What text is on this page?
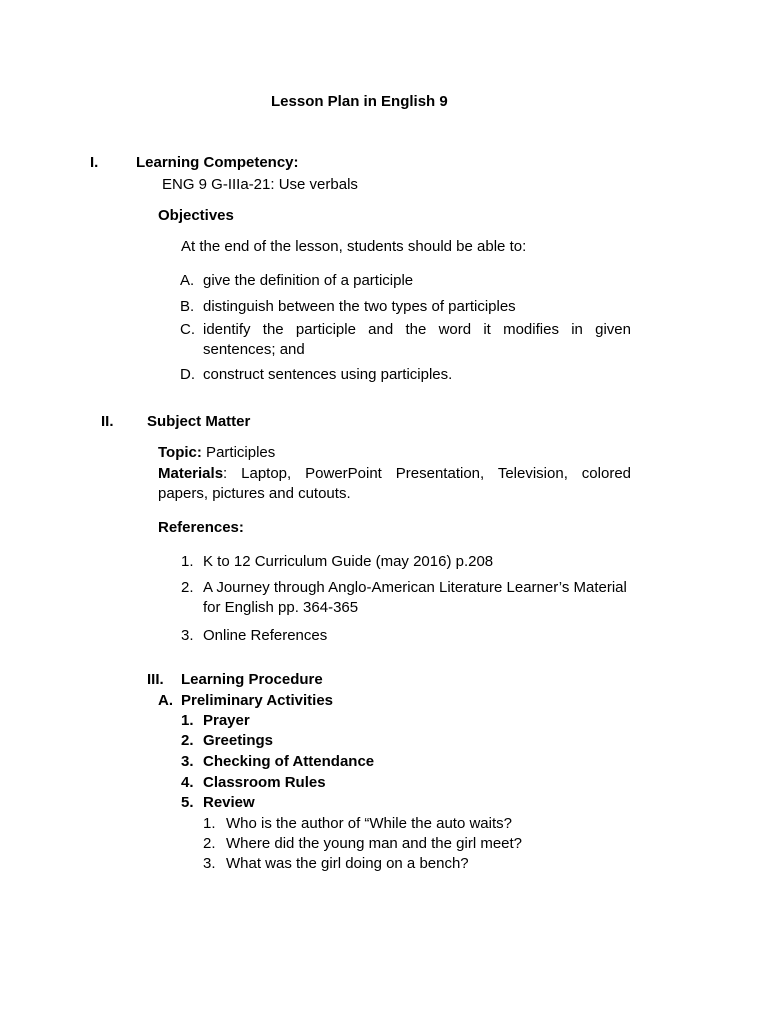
Lesson Plan in English 9
I.	Learning Competency:
ENG 9 G-IIIa-21: Use verbals
Objectives
At the end of the lesson, students should be able to:
A. give the definition of a participle
B. distinguish between the two types of participles
C. identify the participle and the word it modifies in given
sentences; and
D. construct sentences using participles.
II. Subject Matter
Topic: Participles
Materials : Laptop, PowerPoint Presentation, Television, colored
papers, pictures and cutouts.
References:
1. K to 12 Curriculum Guide (may 2016) p.208
2. A Journey through Anglo-American Literature Learner’s Material
for English pp. 364-365
3. Online References
III. Learning Procedure
A. Preliminary Activities
1. Prayer
2. Greetings
3. Checking of Attendance
4. Classroom Rules
5. Review
1. Who is the author of “While the auto waits?
2. Where did the young man and the girl meet?
3. What was the girl doing on a bench?
